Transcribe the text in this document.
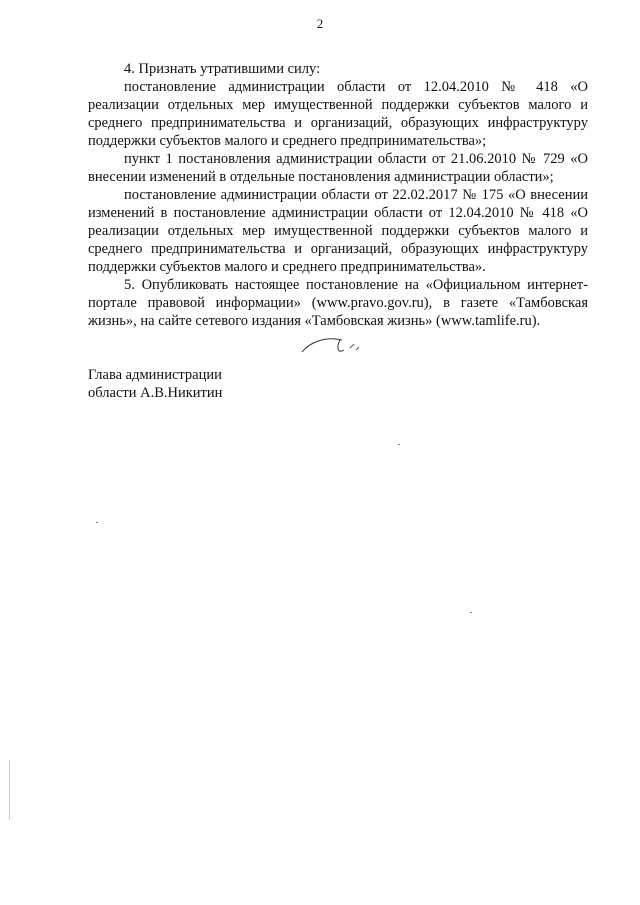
2

4. Признать утратившими силу:

постановление администрации области от 12.04.2010 № 418 «О реализации отдельных мер имущественной поддержки субъектов малого и среднего предпринимательства и организаций, образующих инфраструктуру поддержки субъектов малого и среднего предпринимательства»;

пункт 1 постановления администрации области от 21.06.2010 № 729 «О внесении изменений в отдельные постановления администрации области»;

постановление администрации области от 22.02.2017 № 175 «О внесении изменений в постановление администрации области от 12.04.2010 № 418 «О реализации отдельных мер имущественной поддержки субъектов малого и среднего предпринимательства и организаций, образующих инфраструктуру поддержки субъектов малого и среднего предпринимательства».

5. Опубликовать настоящее постановление на «Официальном интернет-портале правовой информации» (www.pravo.gov.ru), в газете «Тамбовская жизнь», на сайте сетевого издания «Тамбовская жизнь» (www.tamlife.ru).

Глава администрации
области А.В.Никитин
